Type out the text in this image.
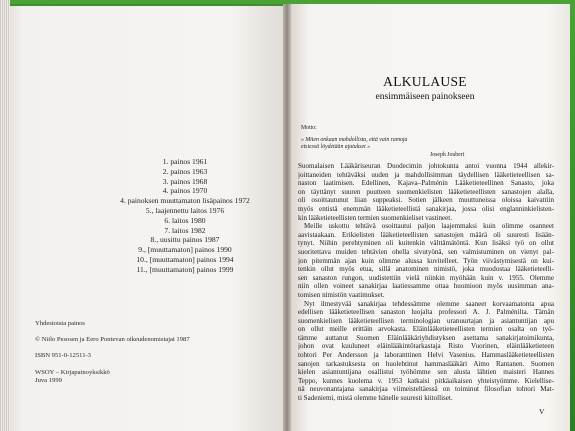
1. painos 1961
2. painos 1963
3. painos 1968
4. painos 1970
4. painoksen muuttamaton lisäpainos 1972
5., laajennettu laitos 1976
6. laitos 1980
7. laitos 1982
8., uusittu painos 1987
9., [muuttamaton] painos 1990
10., [muuttamaton] painos 1994
11., [muuttamaton] painos 1999
Yhdestoista painos
© Niilo Pesosen ja Eero Pontevan oikeudenomistajat 1987
ISBN 951-0-12511-3
WSOY – Kirjapainoyksikkö
Juva 1999
ALKULAUSE
ensimmäiseen painokseen
Motto:
» Miten onkaan mahdollista, että vain ramoja
etsiessä löydetään ajatukset »
Joseph Joubert
Suomalaisen Lääkäriseuran Duodecimin johtokunta antoi vuonna 1944 allekir-
joittaneiden tehtäväksi uuden ja mahdollisimman täydellisen lääketieteellisen sa-
naston laatimisen. Edellinen, Kajava–Palménin Lääketieteellinen Sanasto, joka
on täyttänyt suuren puutteen suomenkielisten lääketieteellisten sanastojen alalla,
oli osoittautunut liian suppeaksi. Sotien jälkeen muuttuneissa oloissa kaivattiin
myös entistä enemmän lääketieteellistä sanakirjaa, jossa olisi englanninkielisten-
kin lääketieteellisten termien suomenkieliset vastineet.
Meille uskottu tehtävä osoittautui paljon laajemmaksi kuin olimme osanneet
aavistaakaan. Erikielisten lääketieteellisten sanastojen määrä oli suuresti lisään-
tynyt. Niihin perehtyminen oli kuitenkin välttämätöntä. Kun lisäksi työ on ollut
suoritettava muiden tehtävien ohella sivutyönä, sen valmistuminen on vienyt pal-
jon pitemmän ajan kuin olimme alussa kuvitelleet. Työn viivästymisestä on kui-
tenkin ollut myös etua, sillä anatominen nimistö, joka muodostaa lääketieteelli-
sen sanaston rungon, uudistettiin vielä niinkin myöhään kuin v. 1955. Olemme
niin ollen voineet sanakirjaa laatiessamme ottaa huomioon myös uusimman ana-
tomisen nimistön vaatimukset.
Nyt ilmestyvää sanakirjaa tehdessämme olemme saaneet korvaamatonta apua
edellisen lääketieteellisen sanaston luojalta professori A. J. Palménilta. Tämän
suomenkielisen lääketieteellisen terminologian uranuurtajan ja asiantuntijan apu
on ollut meille erittäin arvokasta. Eläinlääketieteellisten termien osalta on työ-
tämme auttanut Suomen Eläinlääkäriyhdistyksen asettama sanakirjatoimikunta,
johon ovat kuuluneet eläinlääkintötarkastaja Risto Vuorinen, eläinlääketieteen
tohtori Per Andersson ja laboranttinen Helvi Vasenius. Hammaslääketieteellisten
sanojen tarkastuksesta on huolehtinut hammaslääkäri Aimo Rantanen. Suomen
kielen asiantuntijana osallistui työhömme sen alusta lähtien maisteri Hannes
Teppo, kunnes kuolema v. 1953 katkaisi pitkäaikaisen yhteistyömme. Kielellise-
nä neuvonantajana sanakirjaa viimeisteltäessä on toiminut filosofian tohtori Mat-
ti Sadeniemi, mistä olemme hänelle suuresti kiitolliset.
V
